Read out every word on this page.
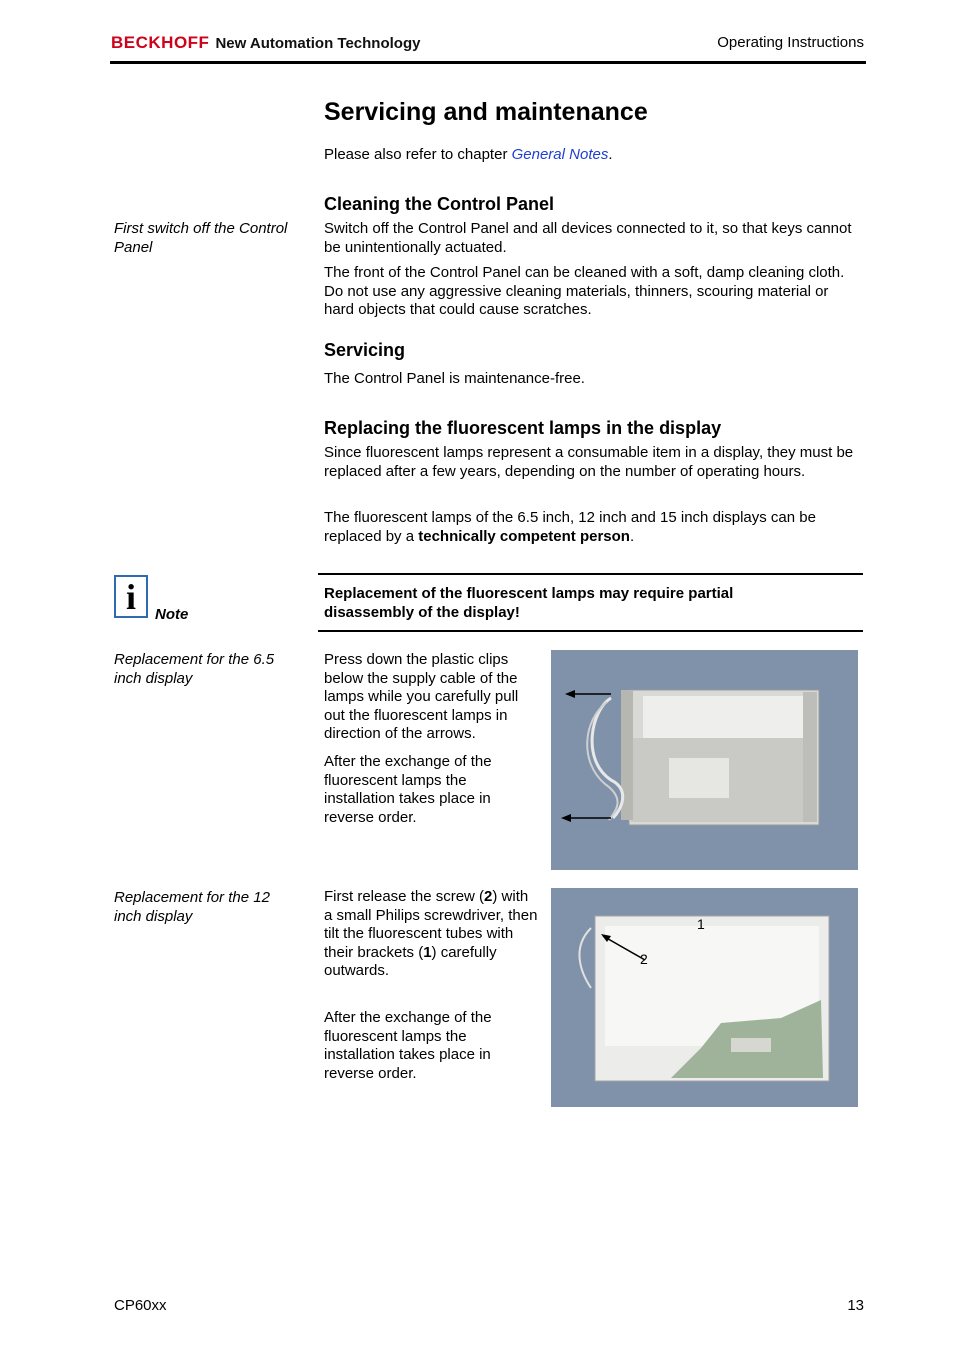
BECKHOFF New Automation Technology	Operating Instructions
Servicing and maintenance
Please also refer to chapter General Notes.
Cleaning the Control Panel
First switch off the Control Panel
Switch off the Control Panel and all devices connected to it, so that keys cannot be unintentionally actuated.
The front of the Control Panel can be cleaned with a soft, damp cleaning cloth. Do not use any aggressive cleaning materials, thinners, scouring material or hard objects that could cause scratches.
Servicing
The Control Panel is maintenance-free.
Replacing the fluorescent lamps in the display
Since fluorescent lamps represent a consumable item in a display, they must be replaced after a few years, depending on the number of operating hours.
The fluorescent lamps of the 6.5 inch, 12 inch and 15 inch displays can be replaced by a technically competent person.
i Note
Replacement of the fluorescent lamps may require partial disassembly of the display!
Replacement for the 6.5 inch display
Press down the plastic clips below the supply cable of the lamps while you carefully pull out the fluorescent lamps in direction of the arrows.
After the exchange of the fluorescent lamps the installation takes place in reverse order.
Replacement for the 12 inch display
First release the screw (2) with a small Philips screwdriver, then tilt the fluorescent tubes with their brackets (1) carefully outwards.
After the exchange of the fluorescent lamps the installation takes place in reverse order.
1
2
CP60xx	13
